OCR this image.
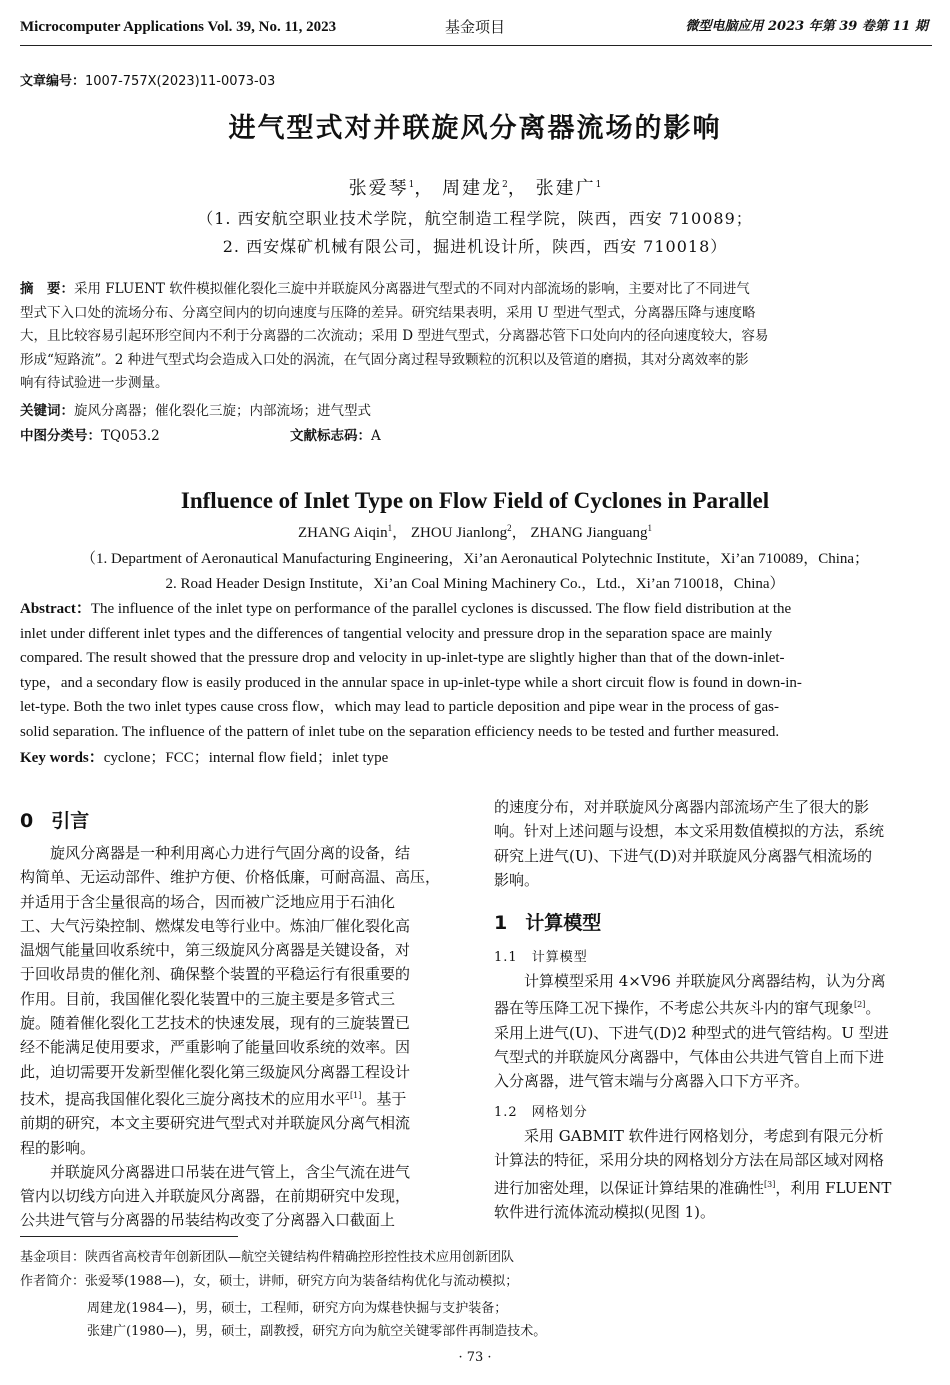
Microcomputer Applications Vol. 39, No. 11, 2023	基金项目	微型电脑应用 2023 年第 39 卷第 11 期
文章编号：1007-757X(2023)11-0073-03
进气型式对并联旋风分离器流场的影响
张爱琴$^1$， 周建龙$^2$， 张建广$^1$
（1. 西安航空职业技术学院，航空制造工程学院，陕西，西安 710089；
2. 西安煤矿机械有限公司，掘进机设计所，陕西，西安 710018）
摘　要：采用 FLUENT 软件模拟催化裂化三旋中并联旋风分离器进气型式的不同对内部流场的影响，主要对比了不同进气
型式下入口处的流场分布、分离空间内的切向速度与压降的差异。研究结果表明，采用 U 型进气型式，分离器压降与速度略
大，且比较容易引起环形空间内不利于分离器的二次流动；采用 D 型进气型式，分离器芯管下口处向内的径向速度较大，容易
形成“短路流”。2 种进气型式均会造成入口处的涡流，在气固分离过程导致颗粒的沉积以及管道的磨损，其对分离效率的影
响有待试验进一步测量。
关键词：旋风分离器；催化裂化三旋；内部流场；进气型式
中图分类号：TQ053.2	文献标志码：A
Influence of Inlet Type on Flow Field of Cyclones in Parallel
ZHANG Aiqin$^1$， ZHOU Jianlong$^2$， ZHANG Jianguang$^1$
（1. Department of Aeronautical Manufacturing Engineering，Xi’an Aeronautical Polytechnic Institute，Xi’an 710089，China；
2. Road Header Design Institute，Xi’an Coal Mining Machinery Co.，Ltd.，Xi’an 710018，China）
Abstract：The influence of the inlet type on performance of the parallel cyclones is discussed. The flow field distribution at the
inlet under different inlet types and the differences of tangential velocity and pressure drop in the separation space are mainly
compared. The result showed that the pressure drop and velocity in up-inlet-type are slightly higher than that of the down-inlet-
type，and a secondary flow is easily produced in the annular space in up-inlet-type while a short circuit flow is found in down-in-
let-type. Both the two inlet types cause cross flow，which may lead to particle deposition and pipe wear in the process of gas-
solid separation. The influence of the pattern of inlet tube on the separation efficiency needs to be tested and further measured.
Key words：cyclone；FCC；internal flow field；inlet type
0 引言

旋风分离器是一种利用离心力进行气固分离的设备，结

构简单、无运动部件、维护方便、价格低廉，可耐高温、高压，

并适用于含尘量很高的场合，因而被广泛地应用于石油化

工、大气污染控制、燃煤发电等行业中。炼油厂催化裂化高

温烟气能量回收系统中，第三级旋风分离器是关键设备，对

于回收昂贵的催化剂、确保整个装置的平稳运行有很重要的

作用。目前，我国催化裂化装置中的三旋主要是多管式三

旋。随着催化裂化工艺技术的快速发展，现有的三旋装置已

经不能满足使用要求，严重影响了能量回收系统的效率。因

此，迫切需要开发新型催化裂化第三级旋风分离器工程设计

技术，提高我国催化裂化三旋分离技术的应用水平[1]。基于

前期的研究，本文主要研究进气型式对并联旋风分离气相流

程的影响。

并联旋风分离器进口吊装在进气管上，含尘气流在进气

管内以切线方向进入并联旋风分离器，在前期研究中发现，

公共进气管与分离器的吊装结构改变了分离器入口截面上

的速度分布，对并联旋风分离器内部流场产生了很大的影

响。针对上述问题与设想，本文采用数值模拟的方法，系统

研究上进气(U)、下进气(D)对并联旋风分离器气相流场的

影响。

1 计算模型
1.1 计算模型

计算模型采用 4×V96 并联旋风分离器结构，认为分离

器在等压降工况下操作，不考虑公共灰斗内的窜气现象[2]。

采用上进气(U)、下进气(D)2 种型式的进气管结构。U 型进

气型式的并联旋风分离器中，气体由公共进气管自上而下进

入分离器，进气管末端与分离器入口下方平齐。

1.2 网格划分

采用 GABMIT 软件进行网格划分，考虑到有限元分析

计算法的特征，采用分块的网格划分方法在局部区域对网格

进行加密处理，以保证计算结果的准确性[3]，利用 FLUENT

软件进行流体流动模拟(见图 1)。

基金项目：陕西省高校青年创新团队—航空关键结构件精确控形控性技术应用创新团队
作者简介：张爱琴(1988—)，女，硕士，讲师，研究方向为装备结构优化与流动模拟；
周建龙(1984—)，男，硕士，工程师，研究方向为煤巷快掘与支护装备；
张建广(1980—)，男，硕士，副教授，研究方向为航空关键零部件再制造技术。
· 73 ·
